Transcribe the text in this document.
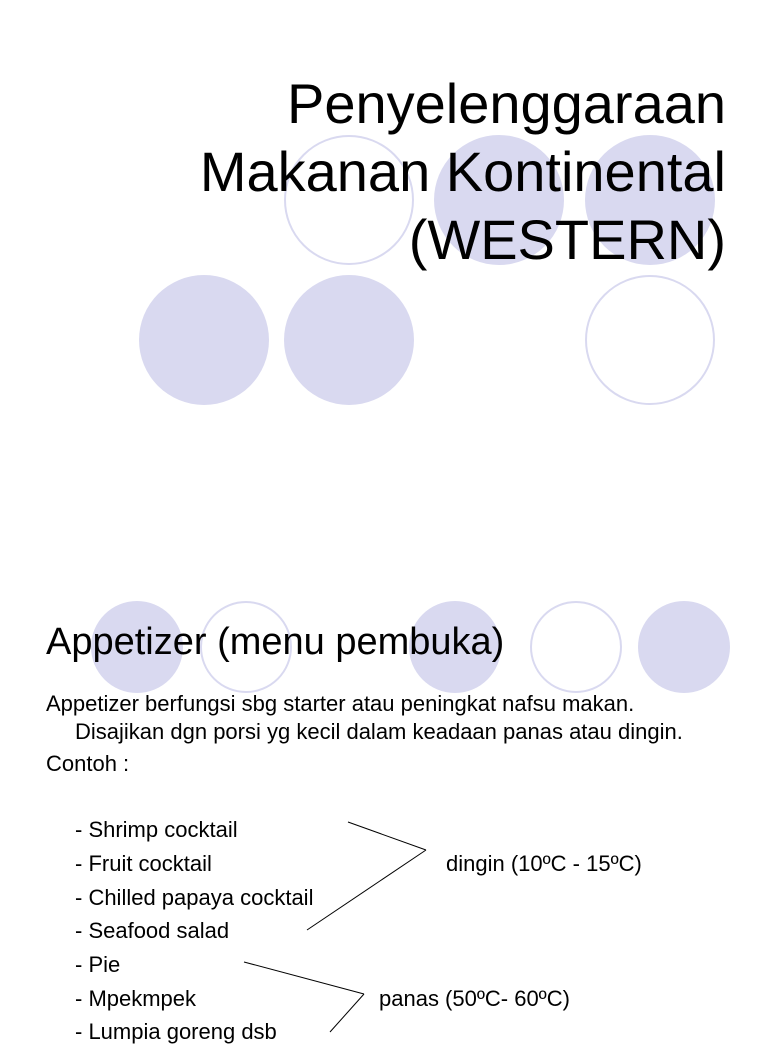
Penyelenggaraan
Makanan Kontinental
(WESTERN)
Appetizer (menu pembuka)

Appetizer berfungsi sbg starter atau peningkat nafsu makan. Disajikan dgn porsi yg kecil dalam keadaan panas atau dingin.

Contoh :

- Shrimp cocktail
- Fruit cocktail
- Chilled papaya cocktail
- Seafood salad
dingin (10ºC - 15ºC)
- Pie
- Mpekmpek
- Lumpia goreng dsb
panas (50ºC- 60ºC)
